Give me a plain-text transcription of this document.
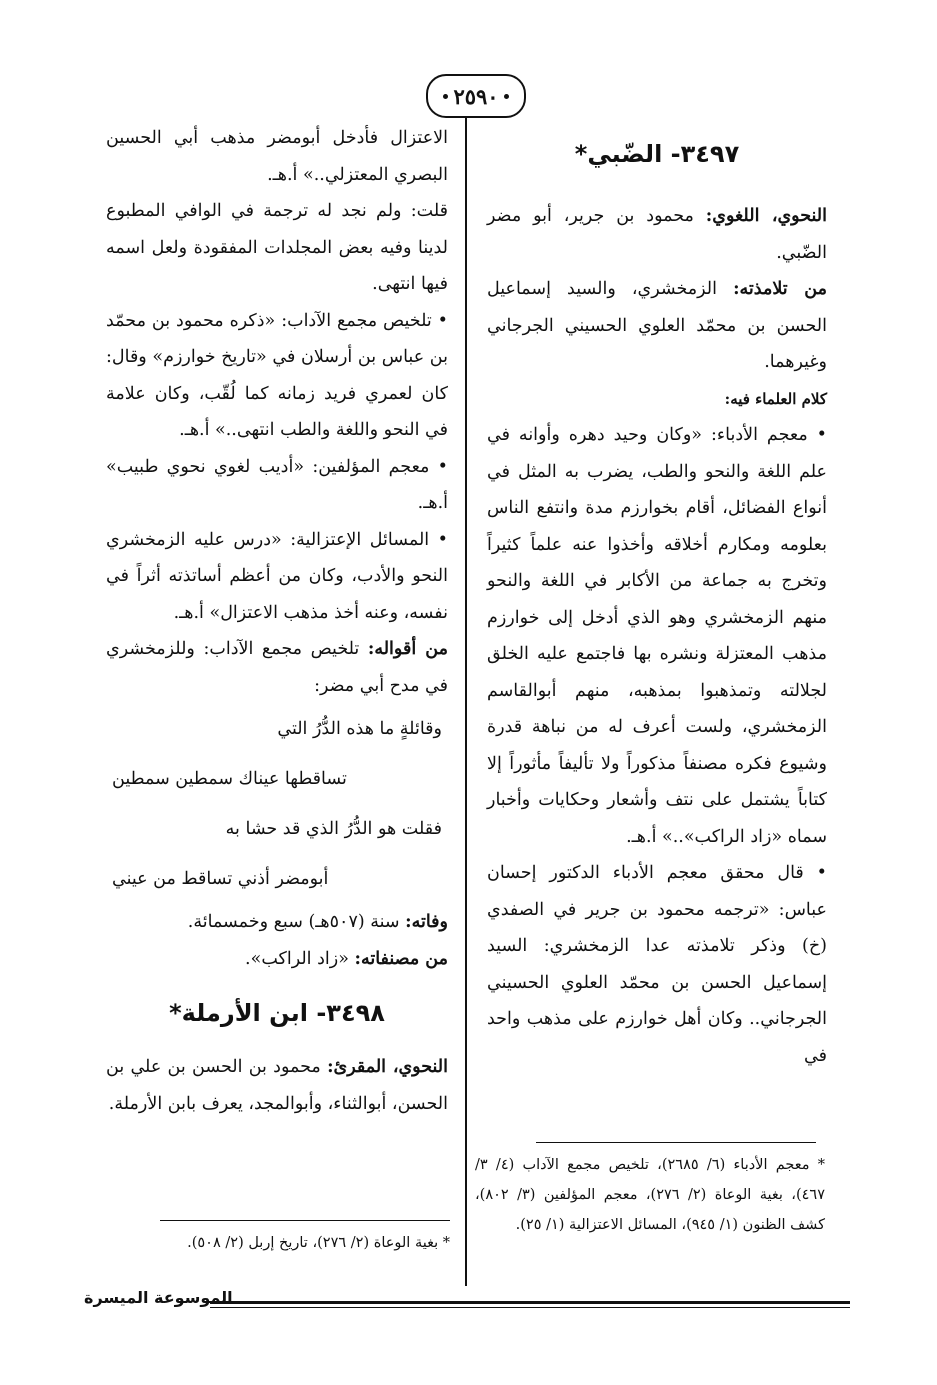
٢٥٩٠
٣٤٩٧- الضّبي*

النحوي، اللغوي: محمود بن جرير، أبو مضر الضّبي.

من تلامذته: الزمخشري، والسيد إسماعيل الحسن بن محمّد العلوي الحسيني الجرجاني وغيرهما.

كلام العلماء فيه:

• معجم الأدباء: «وكان وحيد دهره وأوانه في علم اللغة والنحو والطب، يضرب به المثل في أنواع الفضائل، أقام بخوارزم مدة وانتفع الناس بعلومه ومكارم أخلاقه وأخذوا عنه علماً كثيراً وتخرج به جماعة من الأكابر في اللغة والنحو منهم الزمخشري وهو الذي أدخل إلى خوارزم مذهب المعتزلة ونشره بها فاجتمع عليه الخلق لجلالته وتمذهبوا بمذهبه، منهم أبوالقاسم الزمخشري، ولست أعرف له من نباهة قدرة وشيوع فكره مصنفاً مذكوراً ولا تأليفاً مأثوراً إلا كتاباً يشتمل على نتف وأشعار وحكايات وأخبار سماه «زاد الراكب»..» أ.هـ.

• قال محقق معجم الأدباء الدكتور إحسان عباس: «ترجمه محمود بن جرير في الصفدي (خ) وذكر تلامذته عدا الزمخشري: السيد إسماعيل الحسن بن محمّد العلوي الحسيني الجرجاني.. وكان أهل خوارزم على مذهب واحد في

الاعتزال فأدخل أبومضر مذهب أبي الحسين البصري المعتزلي..» أ.هـ.

قلت: ولم نجد له ترجمة في الوافي المطبوع لدينا وفيه بعض المجلدات المفقودة ولعل اسمه فيها انتهى.

• تلخيص مجمع الآداب: «ذكره محمود بن محمّد بن عباس بن أرسلان في «تاريخ خوارزم» وقال: كان لعمري فريد زمانه كما لُقّب، وكان علامة في النحو واللغة والطب انتهى..» أ.هـ.

• معجم المؤلفين: «أديب لغوي نحوي طبيب» أ.هـ.

• المسائل الإعتزالية: «درس عليه الزمخشري النحو والأدب، وكان من أعظم أساتذته أثراً في نفسه، وعنه أخذ مذهب الاعتزال» أ.هـ.

من أقواله: تلخيص مجمع الآداب: وللزمخشري في مدح أبي مضر:

وقائلةٍ ما هذه الدُّرُ التي
تساقطها عيناك سمطين سمطين
فقلت هو الدُّرُ الذي قد حشا به
أبومضر أذني تساقط من عيني

وفاته: سنة (٥٠٧هـ) سبع وخمسمائة.

من مصنفاته: «زاد الراكب».

٣٤٩٨- ابن الأرملة*

النحوي، المقرئ: محمود بن الحسن بن علي بن الحسن، أبوالثناء، وأبوالمجد، يعرف بابن الأرملة.

* معجم الأدباء (٦/ ٢٦٨٥)، تلخيص مجمع الآداب (٤/ ٣/ ٤٦٧)، بغية الوعاة (٢/ ٢٧٦)، معجم المؤلفين (٣/ ٨٠٢)، كشف الظنون (١/ ٩٤٥)، المسائل الاعتزالية (١/ ٢٥).
* بغية الوعاة (٢/ ٢٧٦)، تاريخ إربل (٢/ ٥٠٨).
الموسوعة الميسرة
